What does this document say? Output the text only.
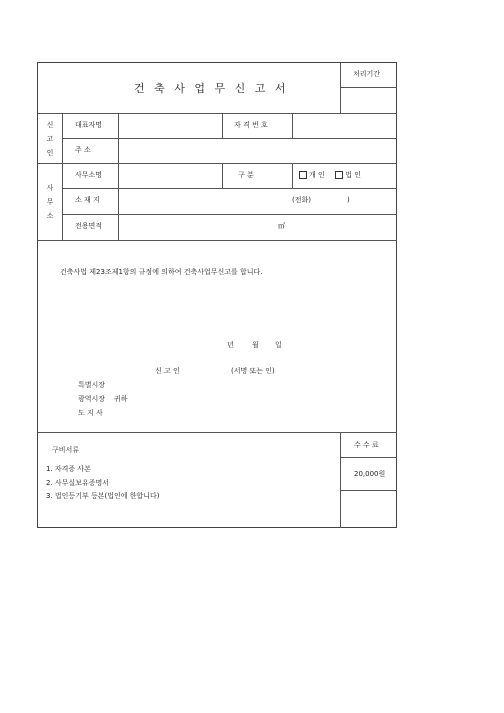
건 축 사 업 무 신 고 서
처리기간
신고인
대표자명	자 격 번 호
주 소
사무소
사무소명	구 분	개 인	법 인
소 재 지	(전화)	)
전용면적	㎡
건축사법 제23조제1항의 규정에 의하여 건축사업무신고를 합니다.
년	월 일
신 고 인	(서명 또는 인)
특별시장
광역시장    귀하
도 지 사
구비서류
1. 자격증 사본
2. 사무실보유증명서
3. 법인등기부 등본(법인에 한합니다)
수 수 료
20,000원
